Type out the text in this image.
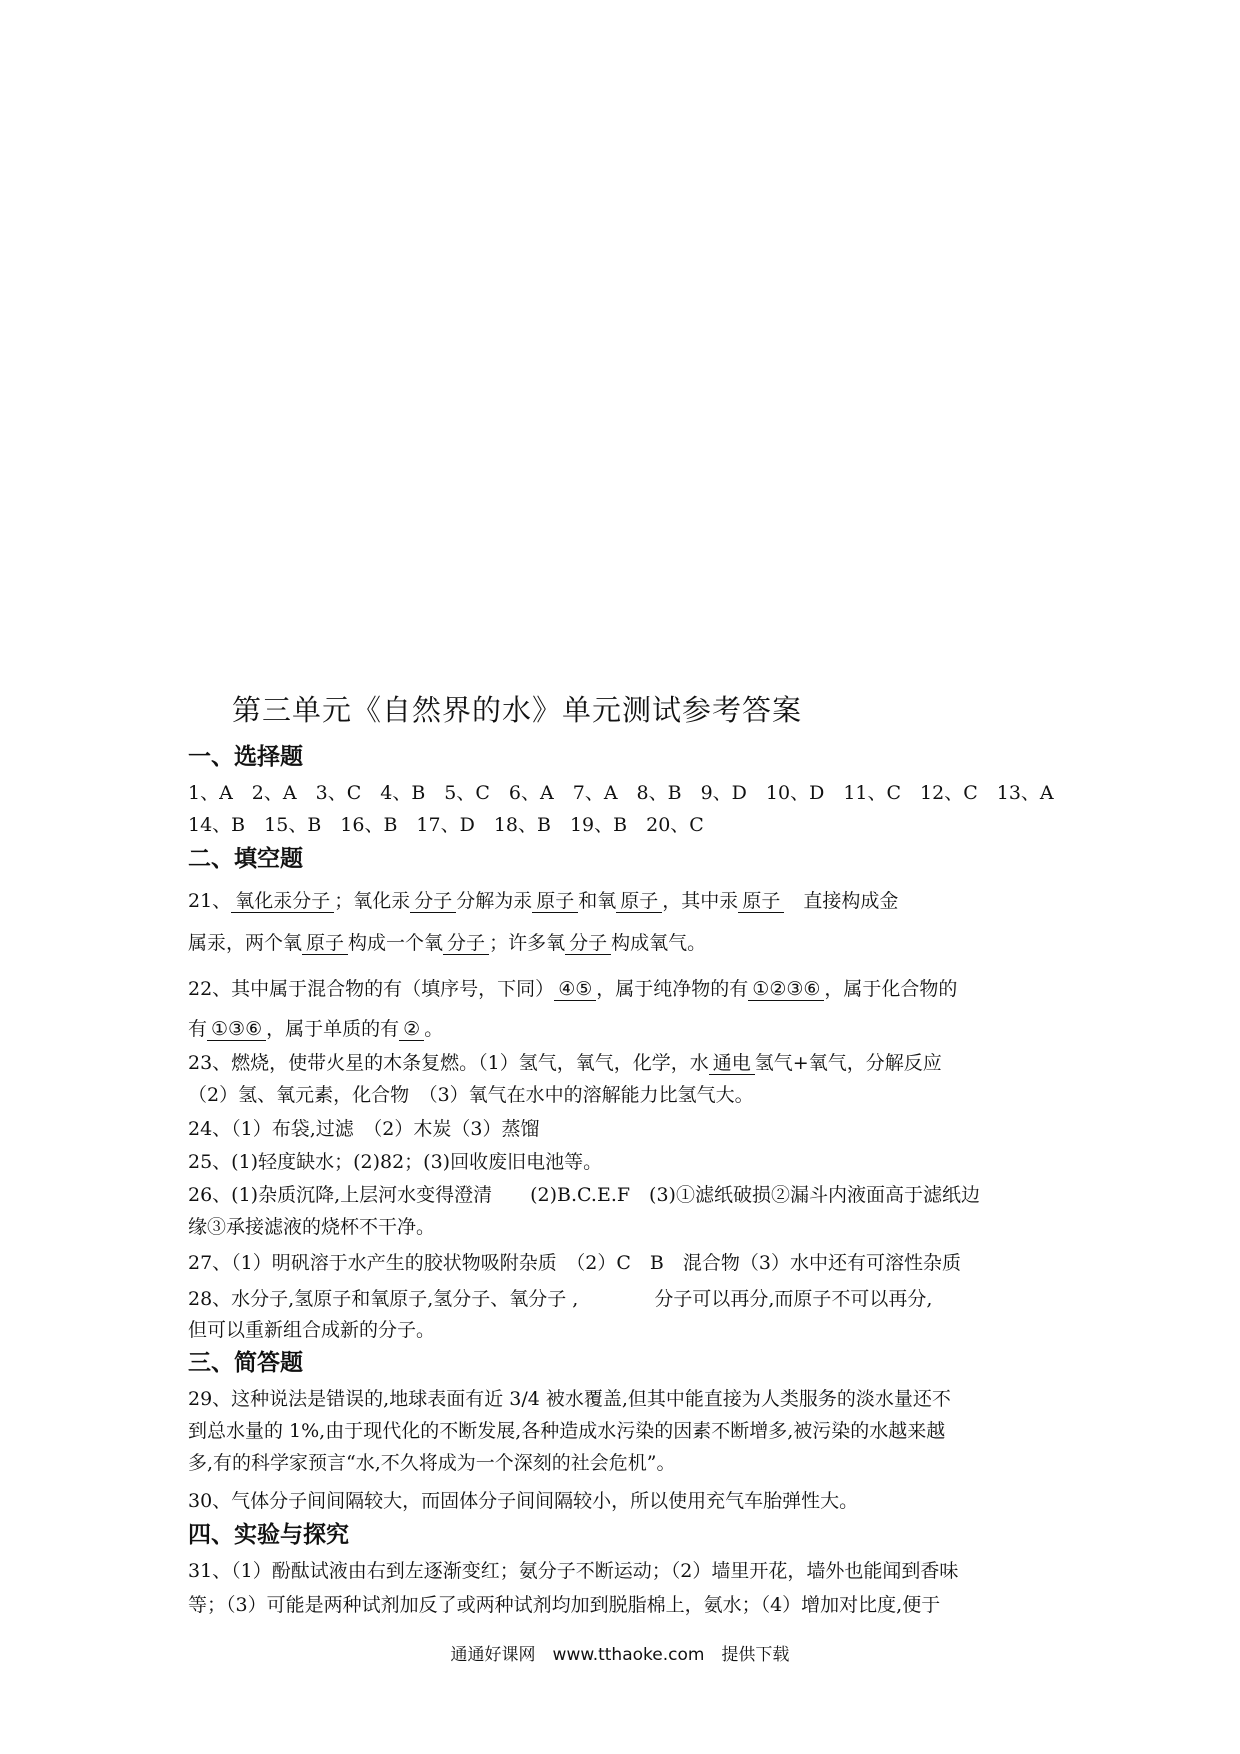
第三单元《自然界的水》单元测试参考答案
一、选择题
1、A　2、A　3、C　4、B　5、C　6、A　7、A　8、B　9、D　10、D　11、C　12、C　13、A
14、B　15、B　16、B　17、D　18、B　19、B　20、C
二、填空题
21、 氧化汞分子 ；氧化汞 分子 分解为汞 原子 和氧 原子 ，其中汞 原子　直接构成金
属汞，两个氧 原子 构成一个氧 分子 ；许多氧 分子 构成氧气。
22、其中属于混合物的有（填序号，下同） ④⑤ ，属于纯净物的有 ①②③⑥ ，属于化合物的
有 ①③⑥ ，属于单质的有 ② 。
23、燃烧，使带火星的木条复燃。（1）氢气，氧气，化学，水 通电 氢气+氧气，分解反应
（2）氢、氧元素，化合物　（3）氧气在水中的溶解能力比氢气大。
24、（1）布袋,过滤　（2）木炭（3）蒸馏
25、(1)轻度缺水；(2)82；(3)回收废旧电池等。
26、(1)杂质沉降,上层河水变得澄清　　(2)B.C.E.F　(3)①滤纸破损②漏斗内液面高于滤纸边
缘③承接滤液的烧杯不干净。
27、（1）明矾溶于水产生的胶状物吸附杂质　（2）C　B　混合物（3）水中还有可溶性杂质
28、水分子,氢原子和氧原子,氢分子、氧分子 ,　　　　分子可以再分,而原子不可以再分,
但可以重新组合成新的分子。
三、简答题
29、这种说法是错误的,地球表面有近 3/4 被水覆盖,但其中能直接为人类服务的淡水量还不
到总水量的 1%,由于现代化的不断发展,各种造成水污染的因素不断增多,被污染的水越来越
多,有的科学家预言“水,不久将成为一个深刻的社会危机”。
30、气体分子间间隔较大，而固体分子间间隔较小，所以使用充气车胎弹性大。
四、实验与探究
31、（1）酚酞试液由右到左逐渐变红；氨分子不断运动；（2）墙里开花，墙外也能闻到香味
等；（3）可能是两种试剂加反了或两种试剂均加到脱脂棉上，氨水；（4）增加对比度,便于
通通好课网　www.tthaoke.com　提供下载
